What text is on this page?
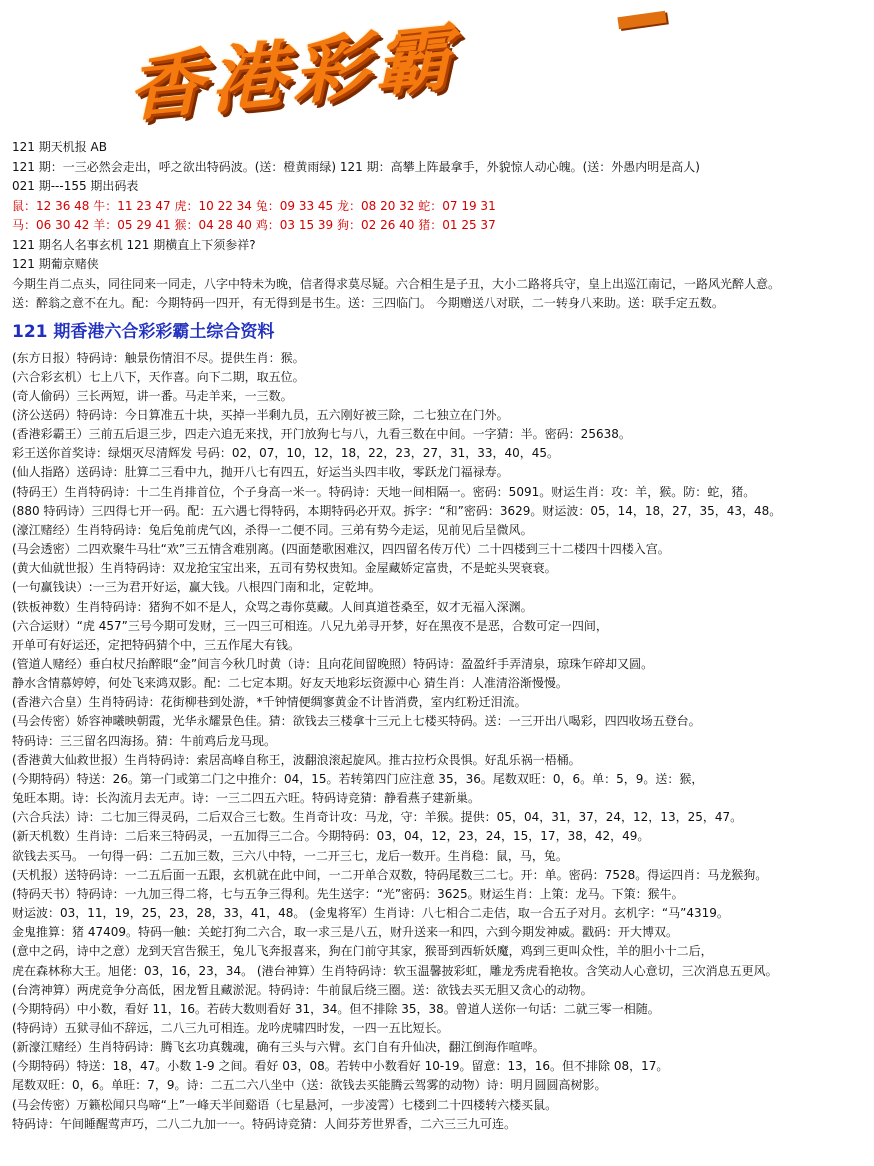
香港彩霸
121 期天机报 AB
121 期：一三必然会走出，呼之欲出特码波。(送：橙黄雨绿) 121 期：高攀上阵最拿手，外貌惊人动心魄。(送：外愚内明是高人)
021 期---155 期出码表
鼠：12 36 48 牛：11 23 47 虎：10 22 34 兔：09 33 45 龙：08 20 32 蛇：07 19 31
马：06 30 42 羊：05 29 41 猴：04 28 40 鸡：03 15 39 狗：02 26 40 猪：01 25 37
121 期名人名事玄机 121 期横直上下须参祥?
121 期葡京赌侠
今期生肖二点头，同往同来一同走，八字中特未为晚，信者得求莫尽疑。六合相生是子丑，大小二路将兵守，皇上出巡江南记，一路风光醉人意。
送：醉翁之意不在九。配：今期特码一四开，有无得到是书生。送：三四临门。 今期赠送八对联，二一转身八来助。送：联手定五数。
121 期香港六合彩彩霸土综合资料
(东方日报）特码诗：触景伤情泪不尽。提供生肖：猴。
(六合彩玄机）七上八下，天作喜。向下二期，取五位。
(奇人偷码）三长两短，讲一番。马走羊来，一三数。
(济公送码）特码诗：今日算准五十块，买掉一半剩九员，五六刚好被三除，二七独立在门外。
(香港彩霸王）三前五后退三步，四走六追无来找，开门放狗七与八，九看三数在中间。一字猜：半。密码：25638。
彩王送你首奖诗：绿烟灭尽清辉发 号码：02，07，10，12，18，22，23，27，31，33，40，45。
(仙人指路）送码诗：肚算二三看中九，抛开八七有四五，好运当头四丰收，零跃龙门福禄寿。
(特码王）生肖特码诗：十二生肖排首位，个子身高一米一。特码诗：天地一间相隔一。密码：5091。财运生肖：攻：羊，猴。防：蛇，猪。
(880 特码诗）三四得七开一码。配：五六遇七得特码，本期特码必开双。拆字：“和”密码：3629。财运波：05，14，18，27，35，43，48。
(濠江赌经）生肖特码诗：兔后兔前虎气凶，杀得一二便不同。三弟有势今走运，见前见后呈微风。
(马会透密）二四欢聚牛马壮“欢”三五情含难别离。(四面楚歌困难汉，四四留名传万代）二十四楼到三十二楼四十四楼入宫。
(黄大仙就世报）生肖特码诗：双龙抢宝宝出来，五司有势权贵知。金屋藏娇定富贵，不是蛇头哭衰衰。
(一句赢钱诀）:一三为君开好运，赢大钱。八根四门南和北，定乾坤。
(铁板神数）生肖特码诗：猪狗不如不是人，众骂之毒你莫藏。人间真道苍桑至，奴才无福入深渊。
(六合运财）“虎 457”三号今期可发财，三一四三可相连。八兄九弟寻开梦，好在黑夜不是恶，合数可定一四间，
开单可有好运还，定把特码猜个中，三五作尾大有钱。
(管道人赌经）垂白杖尺抬醉眼“金”间言今秋几时黄（诗：且向花间留晚照）特码诗：盈盈纤手弄清泉，琼珠乍碎却又圆。
静水含情慕婷婷，何处飞来鸿双影。配：二七定本期。好友天地彩坛资源中心 猜生肖：人准清浴渐慢慢。
(香港六合皇）生肖特码诗：花街柳巷到处游，*千钟情便绸寥黄金不计皆消费，室内红粉迁泪流。
(马会传密）娇容神曦映朝霞，光华永耀景色佳。猜：欲钱去三楼拿十三元上七楼买特码。送：一三开出八喝彩，四四收场五登台。
特码诗：三三留名四海扬。猜：牛前鸡后龙马现。
(香港黄大仙救世报）生肖特码诗：索居高峰自称王，波翻浪滚起旋风。推古拉朽众畏惧。好乱乐祸一梧桶。
(今期特码）特送：26。第一门或第二门之中推介：04，15。若转第四门应注意 35，36。尾数双旺：0，6。单：5，9。送：猴，
兔旺本期。诗：长沟流月去无声。诗：一三二四五六旺。特码诗竞猜：静看燕子建新巢。
(六合兵法）诗：二七加三得灵码，二后双合三七数。生肖奇计攻：马龙，守：羊猴。提供：05，04，31，37，24，12，13，25，47。
(新天机数）生肖诗：二后来三特码灵，一五加得三二合。今期特码：03，04，12，23，24，15，17，38，42，49。
欲钱去买马。 一句得一码：二五加三数，三六八中特，一二开三七，龙后一数开。生肖稳：鼠，马，兔。
(天机报）送特码诗：一二五后面一五跟，玄机就在此中间，一二开单合双数，特码尾数三二七。开：单。密码：7528。得运四肖：马龙猴狗。
(特码天书）特码诗：一九加三得二将，七与五争三得利。先生送字：“光”密码：3625。财运生肖：上策：龙马。下策：猴牛。
财运波：03，11，19，25，23，28，33，41，48。 (金鬼将军）生肖诗：八七相合二走佶，取一合五子对月。玄机字：“马”4319。
金鬼推算：猪 47409。特码一触：关蛇打狗二六合，取一求三是八五，财升送来一和四，六到今期发神威。戳码：开大博双。
(意中之码，诗中之意）龙到天宫告猴王，兔儿飞奔报喜来，狗在门前守其家，猴哥到西斩妖魔，鸡到三更叫众性，羊的胆小十二后，
虎在森林称大王。旭佬：03，16，23，34。 (港台神算）生肖特码诗：软玉温馨披彩虹，雕龙秀虎看艳妆。含笑动人心意切，三次消息五更风。
(台湾神算）两虎竞争分高低，困龙暂且藏淤泥。特码诗：牛前鼠后绕三圈。送：欲钱去买无胆又贪心的动物。
(今期特码）中小数，看好 11，16。若砖大数则看好 31，34。但不排除 35，38。曾道人送你一句话：二就三零一相随。
(特码诗）五狱寻仙不辞远，二八三九可相连。龙吟虎啸四时发，一四一五比短长。
(新濠江赌经）生肖特码诗：腾飞玄功真魏魂，确有三头与六臂。玄门自有升仙决，翻江倒海作喧哗。
(今期特码）特送：18，47。小数 1-9 之间。看好 03，08。若转中小数看好 10-19。留意：13，16。但不排除 08，17。
尾数双旺：0，6。单旺：7，9。诗：二五二六八坐中（送：欲钱去买能腾云驾雾的动物）诗：明月圆圆高树影。
(马会传密）万籁松闻只鸟啼“上”一峰天半间谿语（七星悬河，一步凌霄）七楼到二十四楼转六楼买鼠。
特码诗：午间睡醒莺声巧，二八二九加一一。特码诗竞猜：人间芬芳世界香，二六三三九可连。
